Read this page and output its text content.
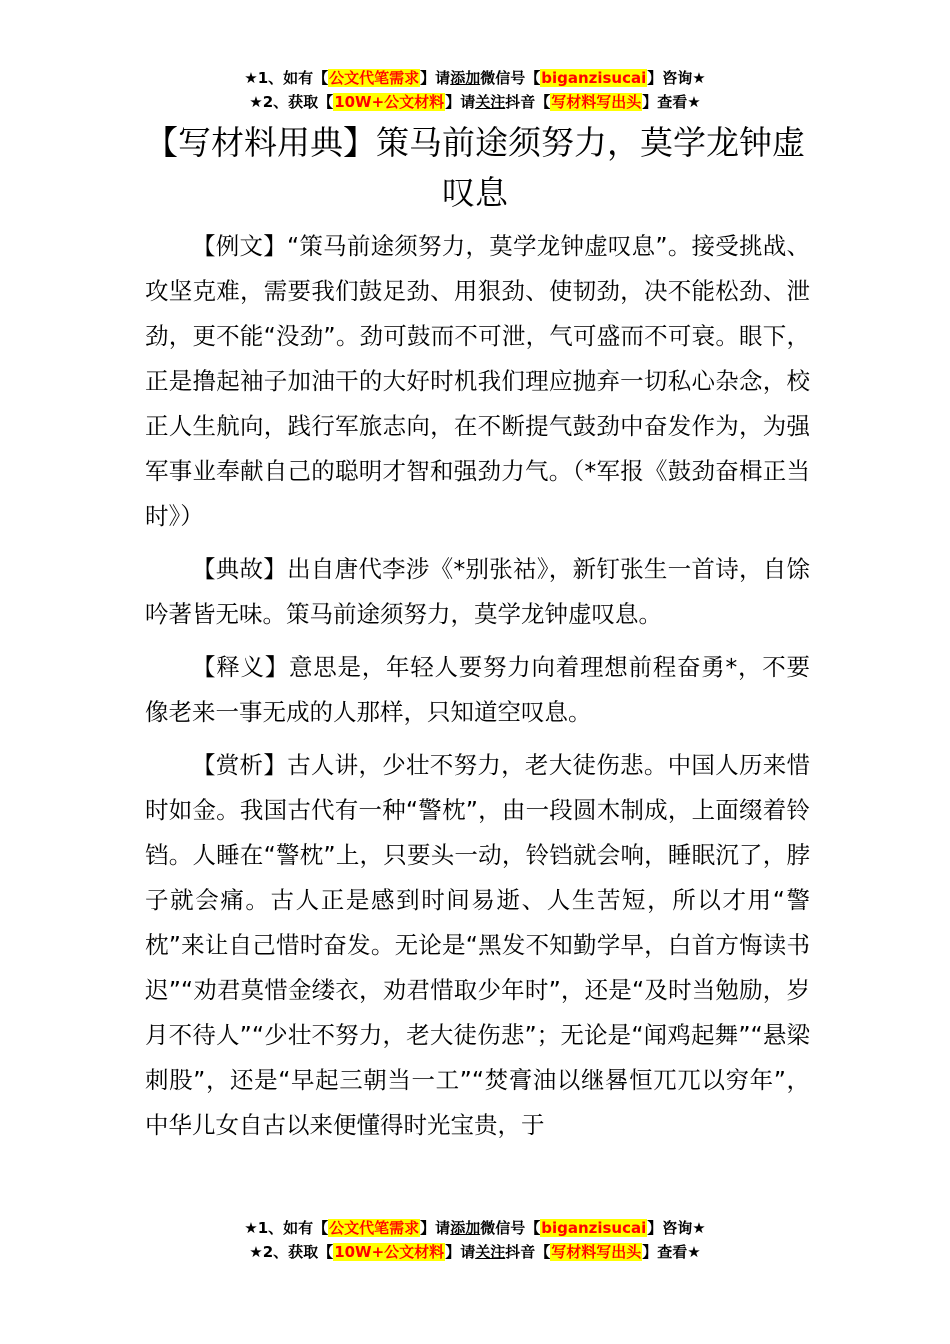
★1、如有【公文代笔需求】请添加微信号【biganzisucai】咨询★
★2、获取【10W+公文材料】请关注抖音【写材料写出头】查看★
【写材料用典】策马前途须努力，莫学龙钟虚叹息

【例文】“策马前途须努力，莫学龙钟虚叹息”。接受挑战、攻坚克难，需要我们鼓足劲、用狠劲、使韧劲，决不能松劲、泄劲，更不能“没劲”。劲可鼓而不可泄，气可盛而不可衰。眼下，正是撸起袖子加油干的大好时机我们理应抛弃一切私心杂念，校正人生航向，践行军旅志向，在不断提气鼓劲中奋发作为，为强军事业奉献自己的聪明才智和强劲力气。（*军报《鼓劲奋楫正当时》）

【典故】出自唐代李涉《*别张祜》，新钉张生一首诗，自馀吟著皆无味。策马前途须努力，莫学龙钟虚叹息。

【释义】意思是，年轻人要努力向着理想前程奋勇*，不要像老来一事无成的人那样，只知道空叹息。

【赏析】古人讲，少壮不努力，老大徒伤悲。中国人历来惜时如金。我国古代有一种“警枕”，由一段圆木制成，上面缀着铃铛。人睡在“警枕”上，只要头一动，铃铛就会响，睡眠沉了，脖子就会痛。古人正是感到时间易逝、人生苦短，所以才用“警枕”来让自己惜时奋发。无论是“黑发不知勤学早，白首方悔读书迟”“劝君莫惜金缕衣，劝君惜取少年时”，还是“及时当勉励，岁月不待人”“少壮不努力，老大徒伤悲”；无论是“闻鸡起舞”“悬梁刺股”，还是“早起三朝当一工”“焚膏油以继晷恒兀兀以穷年”，中华儿女自古以来便懂得时光宝贵，于

★1、如有【公文代笔需求】请添加微信号【biganzisucai】咨询★
★2、获取【10W+公文材料】请关注抖音【写材料写出头】查看★
